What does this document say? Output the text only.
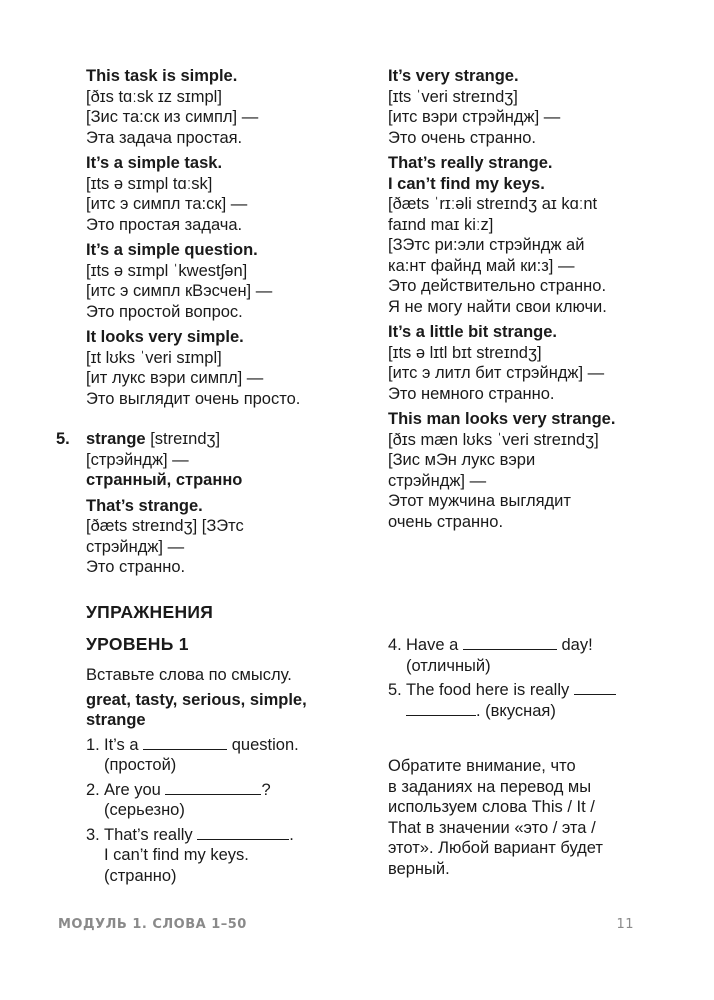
This task is simple.
[ðɪs tɑːsk ɪz sɪmpl]
[Зис та:ск из симпл] —
Эта задача простая.
It’s a simple task.
[ɪts ə sɪmpl tɑːsk]
[итс э симпл та:ск] —
Это простая задача.
It’s a simple question.
[ɪts ə sɪmpl ˈkwestʃən]
[итс э симпл кВэсчен] —
Это простой вопрос.
It looks very simple.
[ɪt lʊks ˈveri sɪmpl]
[ит лукс вэри симпл] —
Это выглядит очень просто.
5. strange [streɪndʒ]
[стрэйндж] —
странный, странно
That’s strange.
[ðæts streɪndʒ] [ЗЭтс
стрэйндж] —
Это странно.
It’s very strange.
[ɪts ˈveri streɪndʒ]
[итс вэри стрэйндж] —
Это очень странно.
That’s really strange.
I can’t find my keys.
[ðæts ˈrɪːəli streɪndʒ aɪ kɑːnt
faɪnd maɪ kiːz]
[ЗЭтс ри:эли стрэйндж ай
ка:нт файнд май ки:з] —
Это действительно странно.
Я не могу найти свои ключи.
It’s a little bit strange.
[ɪts ə lɪtl bɪt streɪndʒ]
[итс э литл бит стрэйндж] —
Это немного странно.
This man looks very strange.
[ðɪs mæn lʊks ˈveri streɪndʒ]
[Зис мЭн лукс вэри
стрэйндж] —
Этот мужчина выглядит
очень странно.
УПРАЖНЕНИЯ
УРОВЕНЬ 1
Вставьте слова по смыслу.
great, tasty, serious, simple,
strange
1. It’s a	question.
(простой)
2. Are you	?
(серьезно)
3. That’s really	.
I can’t find my keys.
(странно)
4. Have a	day!
(отличный)
5. The food here is really
. (вкусная)
Обратите внимание, что
в заданиях на перевод мы
используем слова This / It /
That в значении «это / эта /
этот». Любой вариант будет
верный.
МОДУЛЬ 1. СЛОВА 1–50	11
